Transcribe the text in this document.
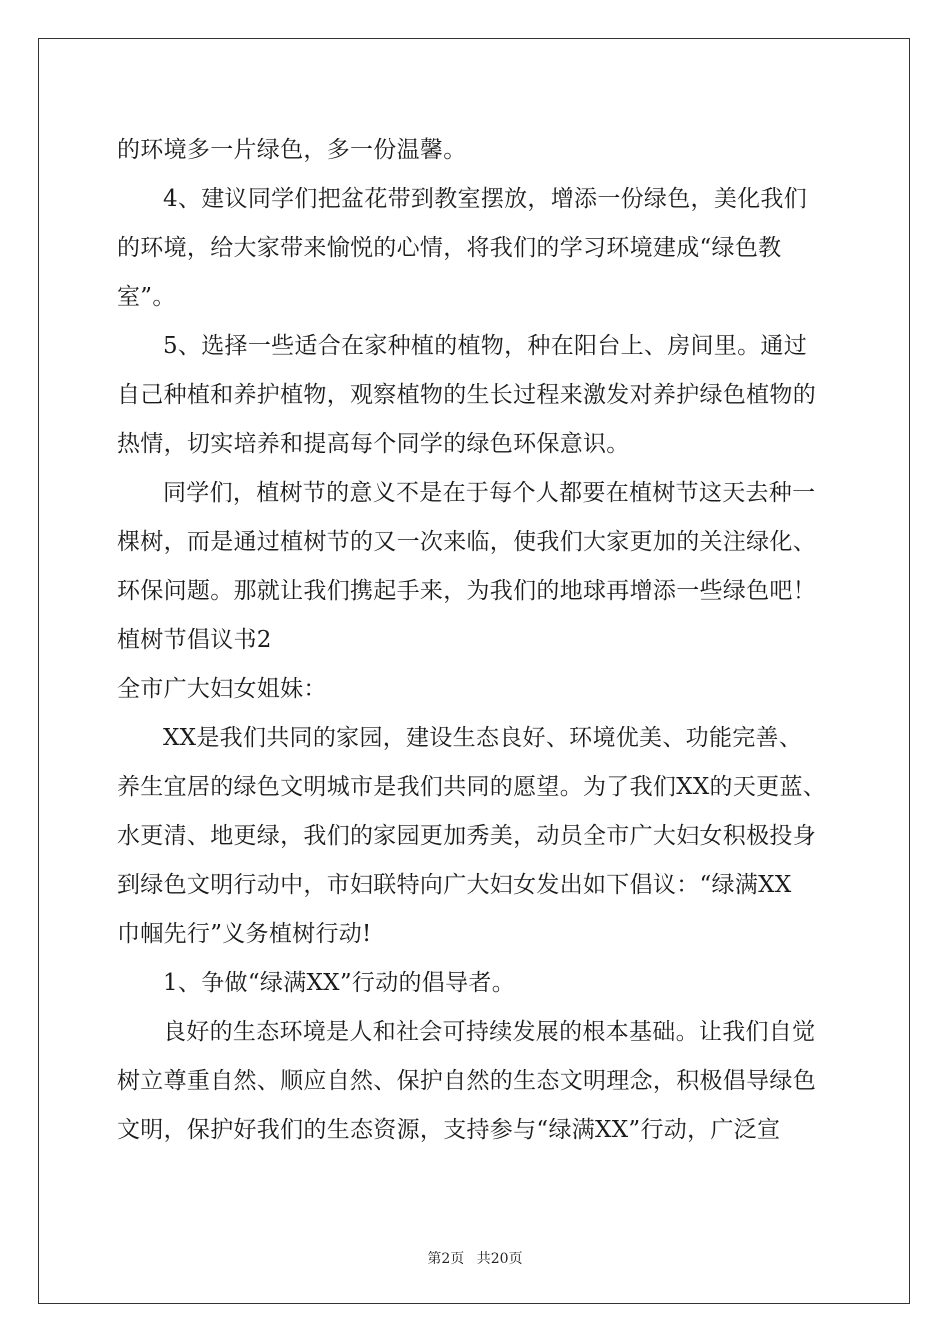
的环境多一片绿色，多一份温馨。
4、建议同学们把盆花带到教室摆放，增添一份绿色，美化我们
的环境，给大家带来愉悦的心情，将我们的学习环境建成“绿色教
室”。
5、选择一些适合在家种植的植物，种在阳台上、房间里。通过
自己种植和养护植物，观察植物的生长过程来激发对养护绿色植物的
热情，切实培养和提高每个同学的绿色环保意识。
同学们，植树节的意义不是在于每个人都要在植树节这天去种一
棵树，而是通过植树节的又一次来临，使我们大家更加的关注绿化、
环保问题。那就让我们携起手来，为我们的地球再增添一些绿色吧！
植树节倡议书2
全市广大妇女姐妹：
XX是我们共同的家园，建设生态良好、环境优美、功能完善、
养生宜居的绿色文明城市是我们共同的愿望。为了我们XX的天更蓝、
水更清、地更绿，我们的家园更加秀美，动员全市广大妇女积极投身
到绿色文明行动中，市妇联特向广大妇女发出如下倡议：“绿满XX
巾帼先行”义务植树行动!
1、争做“绿满XX”行动的倡导者。
良好的生态环境是人和社会可持续发展的根本基础。让我们自觉
树立尊重自然、顺应自然、保护自然的生态文明理念，积极倡导绿色
文明，保护好我们的生态资源，支持参与“绿满XX”行动，广泛宣
第2页 共20页
